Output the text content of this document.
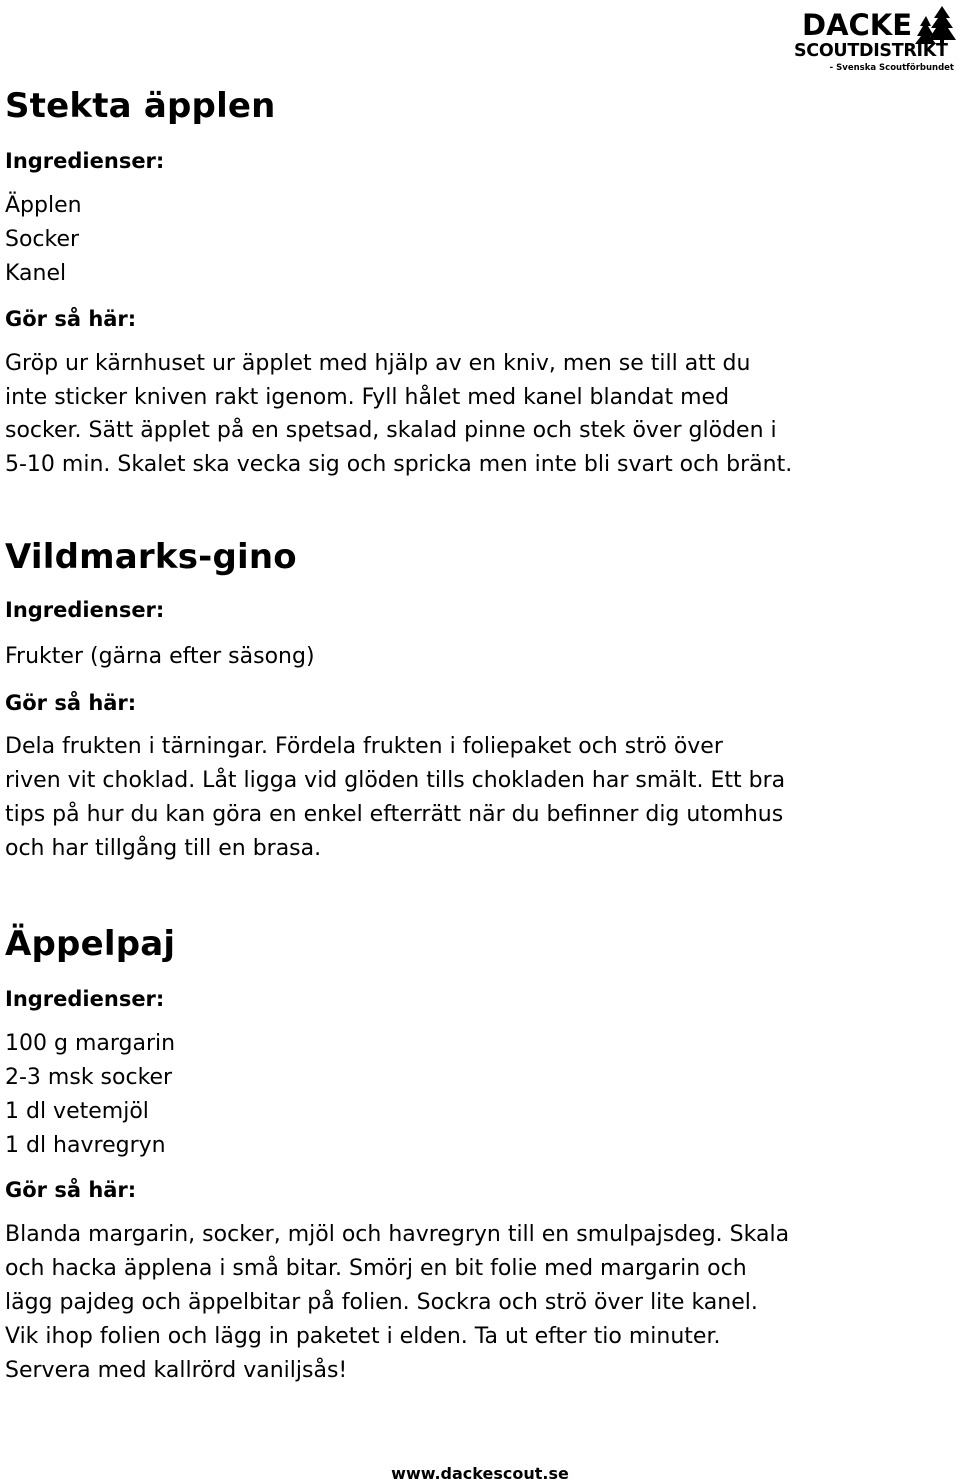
DACKE
SCOUTDISTRIKT
- Svenska Scoutförbundet
Stekta äpplen

Ingredienser:

Äpplen

Socker

Kanel

Gör så här:

Gröp ur kärnhuset ur äpplet med hjälp av en kniv, men se till att du

inte sticker kniven rakt igenom. Fyll hålet med kanel blandat med

socker. Sätt äpplet på en spetsad, skalad pinne och stek över glöden i

5-10 min. Skalet ska vecka sig och spricka men inte bli svart och bränt.

Vildmarks-gino

Ingredienser:

Frukter (gärna efter säsong)

Gör så här:

Dela frukten i tärningar. Fördela frukten i foliepaket och strö över

riven vit choklad. Låt ligga vid glöden tills chokladen har smält. Ett bra

tips på hur du kan göra en enkel efterrätt när du befinner dig utomhus

och har tillgång till en brasa.

Äppelpaj

Ingredienser:

100 g margarin

2-3 msk socker

1 dl vetemjöl

1 dl havregryn

Gör så här:

Blanda margarin, socker, mjöl och havregryn till en smulpajsdeg. Skala

och hacka äpplena i små bitar. Smörj en bit folie med margarin och

lägg pajdeg och äppelbitar på folien. Sockra och strö över lite kanel.

Vik ihop folien och lägg in paketet i elden. Ta ut efter tio minuter.

Servera med kallrörd vaniljsås!

www.dackescout.se
